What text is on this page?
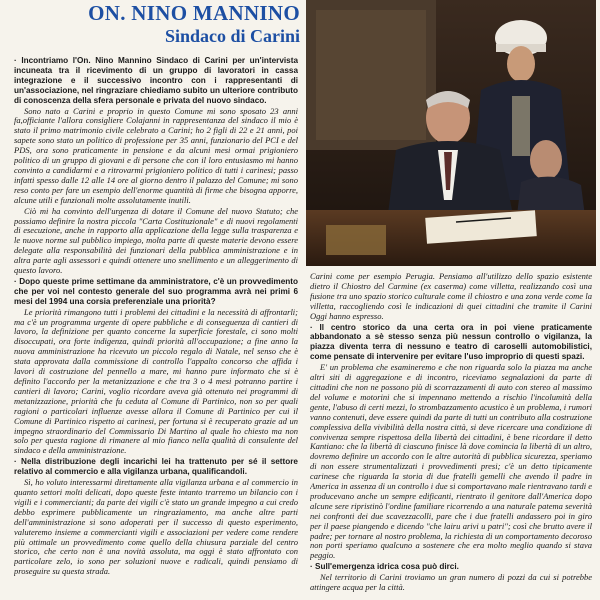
ON. NINO MANNINO
Sindaco di Carini

· Incontriamo l'On. Nino Mannino Sindaco di Carini per un'intervista incuneata tra il ricevimento di un gruppo di lavoratori in cassa integrazione e il successivo incontro con i rappresentanti di un'associazione, nel ringraziare chiediamo subito un ulteriore contributo di conoscenza della sfera personale e privata del nuovo sindaco.

Sono nato a Carini e proprio in questo Comune mi sono sposato 23 anni fa,officiante l'allora consigliere Colajanni in rappresentanza del sindaco il mio è stato il primo matrimonio civile celebrato a Carini; ho 2 figli di 22 e 21 anni, poi sapete sono stato un politico di professione per 35 anni, funzionario del PCI e del PDS, ora sono praticamente in pensione e da alcuni mesi ormai prigioniero politico di un gruppo di giovani e di persone che con il loro entusiasmo mi hanno convinto a candidarmi e a ritrovarmi prigioniero politico di tutti i carinesi; passo infatti spesso dalle 12 alle 14 ore al giorno dentro il palazzo del Comune; mi sono reso conto per fare un esempio dell'enorme quantità di firme che bisogna apporre, alcune utili e funzionali molte assolutamente inutili.

Ciò mi ha convinto dell'urgenza di dotare il Comune del nuovo Statuto; che possiamo definire la nostra piccola "Carta Costituzionale" e di nuovi regolamenti di esecuzione, anche in rapporto alla applicazione della legge sulla trasparenza e le nuove norme sul pubblico impiego, molta parte di queste materie devono essere delegate alla responsabilità dei funzionari della pubblica amministrazione e in altra parte agli assessori e quindi ottenere uno snellimento e un alleggerimento di questo lavoro.

· Dopo queste prime settimane da amministratore, c'è un provvedimento che per voi nel contesto generale del suo programma avrà nei primi 6 mesi del 1994 una corsia preferenziale una priorità?

Le priorità rimangono tutti i problemi dei cittadini e la necessità di affrontarli; ma c'è un programma urgente di opere pubbliche e di conseguenza di cantieri di lavoro, la definizione per quanto concerne la superficie forestale, ci sono molti disoccupati, ora forte indigenza, quindi priorità all'occupazione; a fine anno la nuova amministrazione ha ricevuto un piccolo regalo di Natale, nel senso che è stata approvata dalla commissione di controllo l'appalto concorso che affida i lavori di costruzione del pennello a mare, mi hanno pure informato che si è definito l'accordo per la metanizzazione e che tra 3 o 4 mesi potranno partire i cantieri di lavoro; Carini, voglio ricordare aveva già ottenuto nei programmi di metanizzazione, priorità che fu ceduta al Comune di Partinico, non so per quali ragioni o particolari influenze avesse allora il Comune di Partinico per cui il Comune di Partinico rispetto ai carinesi, per fortuna si è recuperato grazie ad un impegno straordinario del Commissario Di Martino al quale ho chiesto ma non solo per questa ragione di rimanere al mio fianco nella qualità di consulente del sindaco e della amministrazione.

· Nella distribuzione degli incarichi lei ha trattenuto per sé il settore relativo al commercio e alla vigilanza urbana, qualificandoli.

Sì, ho voluto interessarmi direttamente alla vigilanza urbana e al commercio in quanto settori molti delicati, dopo queste feste intanto trarremo un bilancio con i vigili e i commercianti; da parte dei vigili c'è stato un grande impegno a cui credo debbo esprimere pubblicamente un ringraziamento, ma anche altre parti dell'amministrazione si sono adoperati per il successo di questo esperimento, valuteremo insieme a commercianti vigili e associazioni per vedere come rendere più ottimale un provvedimento come quello della chiusura parziale del centro storico, che certo non è una novità assoluta, ma oggi è stato affrontato con particolare zelo, io sono per soluzioni nuove e radicali, quindi pensiamo di proseguire su questa strada.

Carini come per esempio Perugia. Pensiamo all'utilizzo dello spazio esistente dietro il Chiostro del Carmine (ex caserma) come villetta, realizzando così una fusione tra uno spazio storico culturale come il chiostro e una zona verde come la villetta, raccogliendo così le indicazioni di quei cittadini che tramite il Carini Oggi hanno espresso.

· Il centro storico da una certa ora in poi viene praticamente abbandonato a sè stesso senza più nessun controllo o vigilanza, la piazza diventa terra di nessuno e teatro di caroselli automobilistici, come pensate di intervenire per evitare l'uso improprio di questi spazi.

E' un problema che esamineremo e che non riguarda solo la piazza ma anche altri siti di aggregazione e di incontro, riceviamo segnalazioni da parte di cittadini che non ne possono più di scorrazzamenti di auto con stereo al massimo del volume e motorini che si impennano mettendo a rischio l'incolumità della gente, l'abuso di certi mezzi, lo strombazzamento acustico è un problema, i rumori vanno contenuti, deve essere quindi da parte di tutti un contributo alla costruzione complessiva della vivibilità della nostra città, si deve ricercare una condizione di convivenza sempre rispettosa della libertà dei cittadini, è bene ricordare il detto Kantiano: che la libertà di ciascuno finisce là dove comincia la libertà di un altro, dovremo definire un accordo con le altre autorità di pubblica sicurezza, speriamo di non essere strumentalizzati i provvedimenti presi; c'è un detto tipicamente carinese che riguarda la storia di due fratelli gemelli che avendo il padre in America in assenza di un controllo i due si comportavano male rientravano tardi e producevano anche un sempre edificanti, rientrato il genitore dall'America dopo alcune sere ripristinò l'ordine familiare ricorrendo a una naturale patema severità nei confronti dei due scavezzacolli, pare che i due fratelli andassero poi in giro per il paese piangendo e dicendo "che lairu arivi u patri"; così che brutto avere il padre; per tornare al nostro problema, la richiesta di un comportamento decoroso non porti speriamo qualcuno a sostenere che era molto meglio quando si stava peggio.

· Sull'emergenza idrica cosa può dirci.

Nel territorio di Carini troviamo un gran numero di pozzi da cui si potrebbe attingere acqua per la città.
